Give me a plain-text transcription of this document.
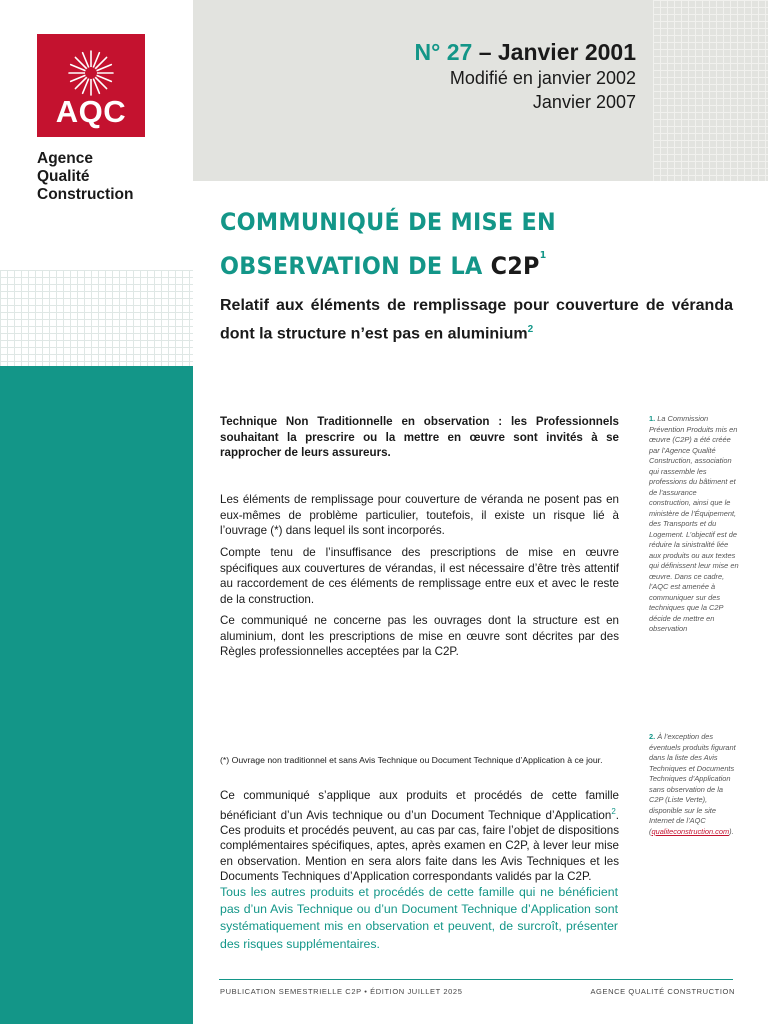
AQC
Agence
Qualité
Construction
N° 27 – Janvier 2001
Modifié en janvier 2002
Janvier 2007
COMMUNIQUÉ DE MISE EN
OBSERVATION DE LA $C2P^1$
Relatif aux éléments de remplissage pour couverture de véranda dont la structure n’est pas en aluminium$^2$
Technique Non Traditionnelle en observation : les Professionnels souhaitant la prescrire ou la mettre en œuvre sont invités à se rapprocher de leurs assureurs.
Les éléments de remplissage pour couverture de véranda ne posent pas en eux-mêmes de problème particulier, toutefois, il existe un risque lié à l’ouvrage (*) dans lequel ils sont incorporés.
Compte tenu de l’insuffisance des prescriptions de mise en œuvre spécifiques aux couvertures de vérandas, il est nécessaire d’être très attentif au raccordement de ces éléments de remplissage entre eux et avec le reste de la construction.
Ce communiqué ne concerne pas les ouvrages dont la structure est en aluminium, dont les prescriptions de mise en œuvre sont décrites par des Règles professionnelles acceptées par la C2P.
(*) Ouvrage non traditionnel et sans Avis Technique ou Document Technique d’Application à ce jour.
Ce communiqué s’applique aux produits et procédés de cette famille bénéficiant d’un Avis technique ou d’un Document Technique d’Application$^2$. Ces produits et procédés peuvent, au cas par cas, faire l’objet de dispositions complémentaires spécifiques, aptes, après examen en C2P, à lever leur mise en observation. Mention en sera alors faite dans les Avis Techniques et les Documents Techniques d’Application correspondants validés par la C2P.
Tous les autres produits et procédés de cette famille qui ne bénéficient pas d’un Avis Technique ou d’un Document Technique d’Application sont systématiquement mis en observation et peuvent, de surcroît, présenter des risques supplémentaires.
1. La Commission Prévention Produits mis en œuvre (C2P) a été créée par l’Agence Qualité Construction, association qui rassemble les professions du bâtiment et de l’assurance construction, ainsi que le ministère de l’Équipement, des Transports et du Logement. L’objectif est de réduire la sinistralité liée aux produits ou aux textes qui définissent leur mise en œuvre. Dans ce cadre, l’AQC est amenée à communiquer sur des techniques que la C2P décide de mettre en observation
2. À l’exception des éventuels produits figurant dans la liste des Avis Techniques et Documents Techniques d’Application sans observation de la C2P (Liste Verte), disponible sur le site Internet de l’AQC (qualiteconstruction.com).
PUBLICATION SEMESTRIELLE C2P • ÉDITION JUILLET 2025	AGENCE QUALITÉ CONSTRUCTION
